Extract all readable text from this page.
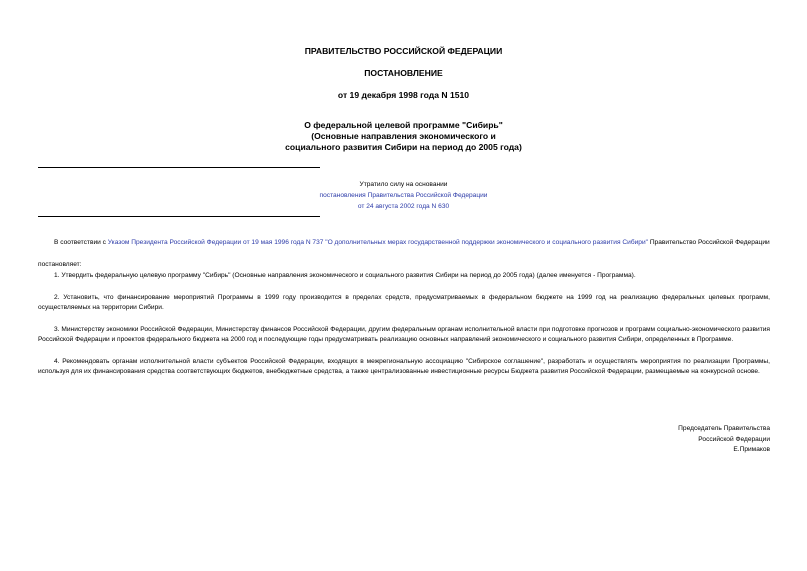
ПРАВИТЕЛЬСТВО РОССИЙСКОЙ ФЕДЕРАЦИИ
ПОСТАНОВЛЕНИЕ
от 19 декабря 1998 года N 1510
О федеральной целевой программе "Сибирь"
(Основные направления экономического и
социального развития Сибири на период до 2005 года)
Утратило силу на основании
постановления Правительства Российской Федерации
от 24 августа 2002 года N 630

В соответствии с Указом Президента Российской Федерации от 19 мая 1996 года N 737 "О дополнительных мерах государственной поддержки экономического и социального развития Сибири" Правительство Российской Федерации

постановляет:

1. Утвердить федеральную целевую программу "Сибирь" (Основные направления экономического и социального развития Сибири на период до 2005 года) (далее именуется - Программа).

2. Установить, что финансирование мероприятий Программы в 1999 году производится в пределах средств, предусматриваемых в федеральном бюджете на 1999 год на реализацию федеральных целевых программ, осуществляемых на территории Сибири.

3. Министерству экономики Российской Федерации, Министерству финансов Российской Федерации, другим федеральным органам исполнительной власти при подготовке прогнозов и программ социально-экономического развития Российской Федерации и проектов федерального бюджета на 2000 год и последующие годы предусматривать реализацию основных направлений экономического и социального развития Сибири, определенных в Программе.

4. Рекомендовать органам исполнительной власти субъектов Российской Федерации, входящих в межрегиональную ассоциацию "Сибирское соглашение", разработать и осуществлять мероприятия по реализации Программы, используя для их финансирования средства соответствующих бюджетов, внебюджетные средства, а также централизованные инвестиционные ресурсы Бюджета развития Российской Федерации, размещаемые на конкурсной основе.

Председатель Правительства
Российской Федерации
Е.Примаков
